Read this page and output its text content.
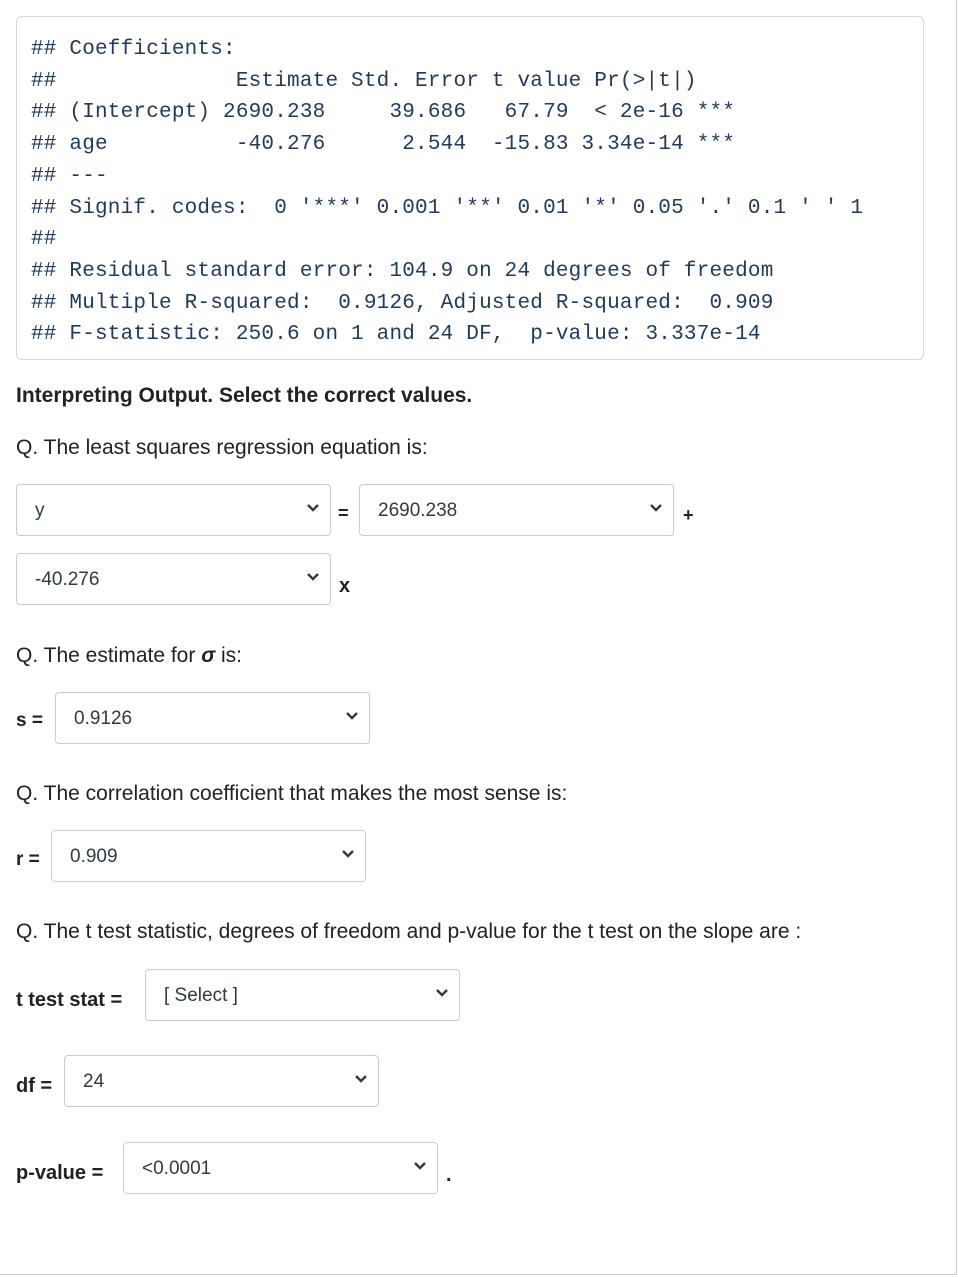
## Coefficients:
##              Estimate Std. Error t value Pr(>|t|)
## (Intercept) 2690.238     39.686   67.79  < 2e-16 ***
## age          -40.276      2.544  -15.83 3.34e-14 ***
## ---
## Signif. codes:  0 '***' 0.001 '**' 0.01 '*' 0.05 '.' 0.1 ' ' 1
##
## Residual standard error: 104.9 on 24 degrees of freedom
## Multiple R-squared:  0.9126, Adjusted R-squared:  0.909
## F-statistic: 250.6 on 1 and 24 DF,  p-value: 3.337e-14
Interpreting Output. Select the correct values.
Q. The least squares regression equation is:
y	= 2690.238	+
-40.276	x
Q. The estimate for σ is:
s = 0.9126
Q. The correlation coefficient that makes the most sense is:
r = 0.909
Q. The t test statistic, degrees of freedom and p-value for the t test on the slope are :
t test stat = [ Select ]
df = 24
p-value = <0.0001	.
